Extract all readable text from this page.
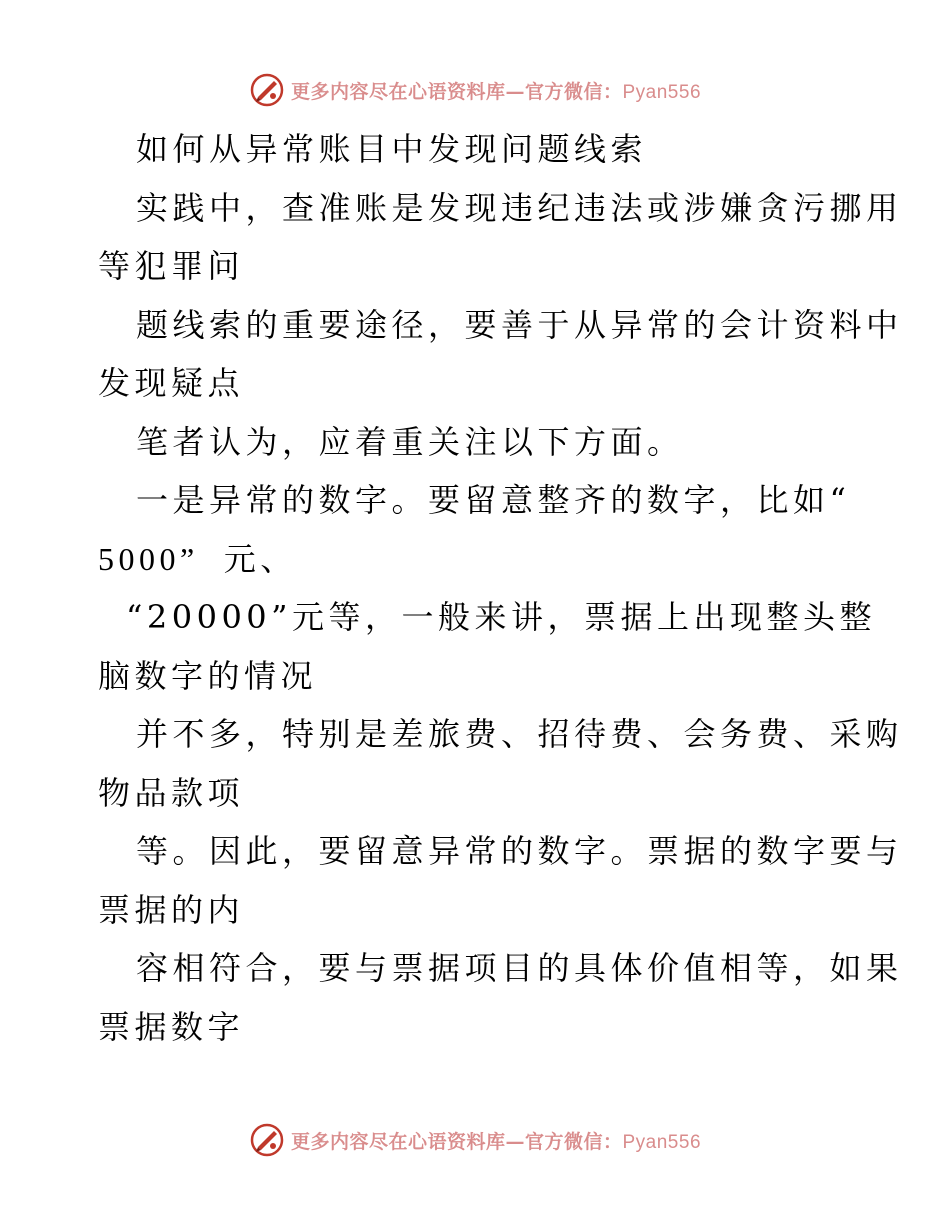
更多内容尽在心语资料库—官方微信：Pyan556
如何从异常账目中发现问题线索
实践中，查准账是发现违纪违法或涉嫌贪污挪用
等犯罪问
题线索的重要途径，要善于从异常的会计资料中
发现疑点
笔者认为，应着重关注以下方面。
一是异常的数字。要留意整齐的数字，比如“
5000”  元、
“20000”元等，一般来讲，票据上出现整头整
脑数字的情况
并不多，特别是差旅费、招待费、会务费、采购
物品款项
等。因此，要留意异常的数字。票据的数字要与
票据的内
容相符合，要与票据项目的具体价值相等，如果
票据数字
更多内容尽在心语资料库—官方微信：Pyan556
